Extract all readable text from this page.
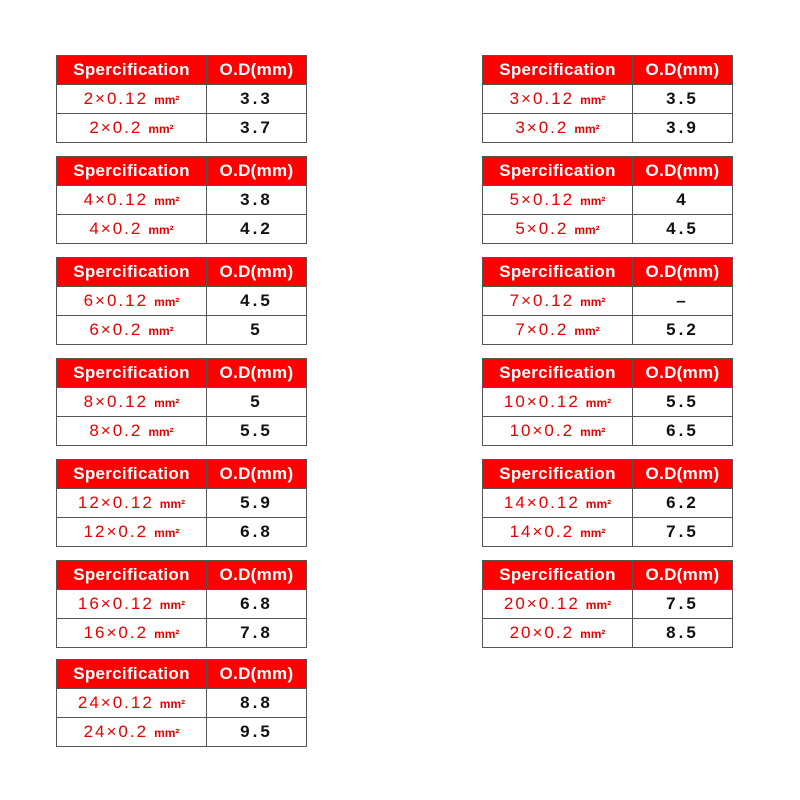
Spercification	O.D(mm)
2×0.12 mm²	3.3
2×0.2 mm²	3.7
Spercification	O.D(mm)
3×0.12 mm²	3.5
3×0.2 mm²	3.9
Spercification	O.D(mm)
4×0.12 mm²	3.8
4×0.2 mm²	4.2
Spercification	O.D(mm)
5×0.12 mm²	4
5×0.2 mm²	4.5
Spercification	O.D(mm)
6×0.12 mm²	4.5
6×0.2 mm²	5
Spercification	O.D(mm)
7×0.12 mm²	–
7×0.2 mm²	5.2
Spercification	O.D(mm)
8×0.12 mm²	5
8×0.2 mm²	5.5
Spercification	O.D(mm)
10×0.12 mm²	5.5
10×0.2 mm²	6.5
Spercification	O.D(mm)
12×0.12 mm²	5.9
12×0.2 mm²	6.8
Spercification	O.D(mm)
14×0.12 mm²	6.2
14×0.2 mm²	7.5
Spercification	O.D(mm)
16×0.12 mm²	6.8
16×0.2 mm²	7.8
Spercification	O.D(mm)
20×0.12 mm²	7.5
20×0.2 mm²	8.5
Spercification	O.D(mm)
24×0.12 mm²	8.8
24×0.2 mm²	9.5
